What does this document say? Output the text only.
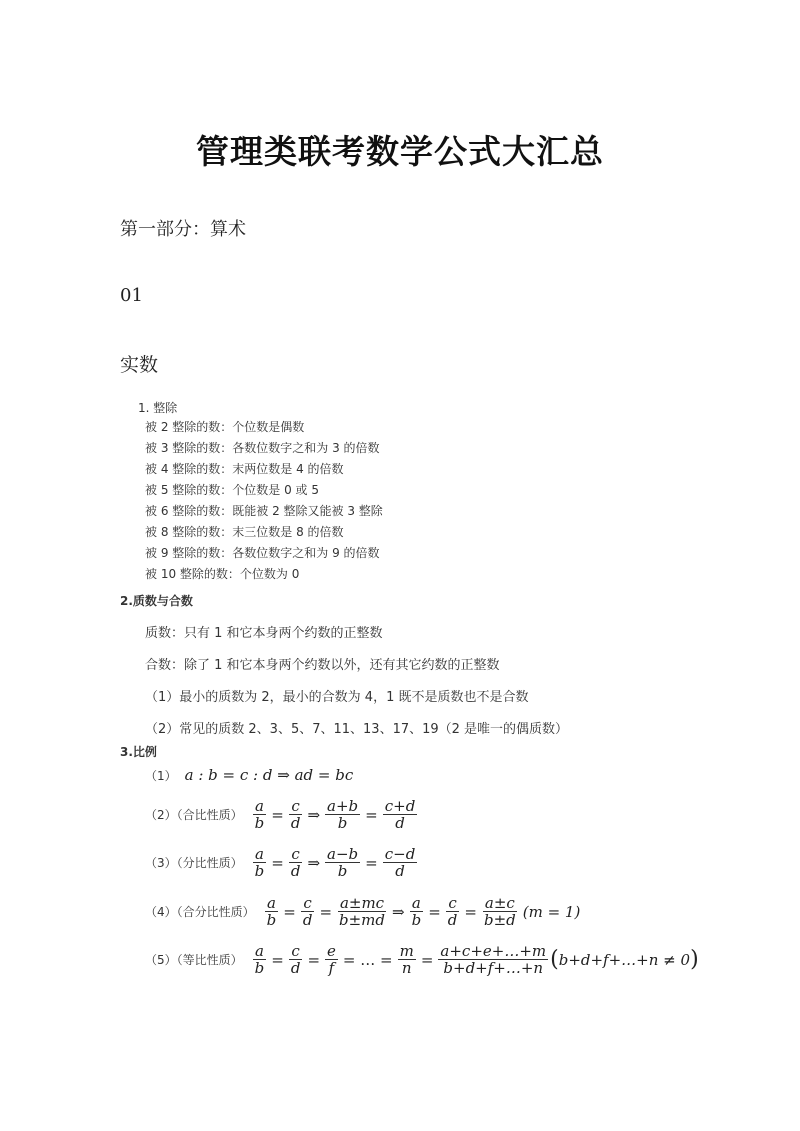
管理类联考数学公式大汇总
第一部分：算术
01
实数
1. 整除
被 2 整除的数：个位数是偶数
被 3 整除的数：各数位数字之和为 3 的倍数
被 4 整除的数：末两位数是 4 的倍数
被 5 整除的数：个位数是 0 或 5
被 6 整除的数：既能被 2 整除又能被 3 整除
被 8 整除的数：末三位数是 8 的倍数
被 9 整除的数：各数位数字之和为 9 的倍数
被 10 整除的数：个位数为 0
2.质数与合数
质数：只有 1 和它本身两个约数的正整数
合数：除了 1 和它本身两个约数以外，还有其它约数的正整数
（1）最小的质数为 2，最小的合数为 4，1 既不是质数也不是合数
（2）常见的质数 2、3、5、7、11、13、17、19（2 是唯一的偶质数）
3.比例
（1） a : b = c : d ⇒ ad = bc
（2）（合比性质） $\frac{a}{b} = \frac{c}{d}$ ⇒ $\frac{a+b}{b} = \frac{c+d}{d}$
（3）（分比性质） $\frac{a}{b} = \frac{c}{d}$ ⇒ $\frac{a-b}{b} = \frac{c-d}{d}$
（4）（合分比性质） $\frac{a}{b} = \frac{c}{d} = \frac{a\pm mc}{b\pm md}$ ⇒ $\frac{a}{b} = \frac{c}{d} = \frac{a\pm c}{b\pm d} (m = 1)$
（5）（等比性质） $\frac{a}{b} = \frac{c}{d} = \frac{e}{f}$ = … = $\frac{m}{n} = \frac{a+c+e+\dots+m}{b+d+f+\dots+n}$ ( b+d+f+…+n ≠ 0 )
